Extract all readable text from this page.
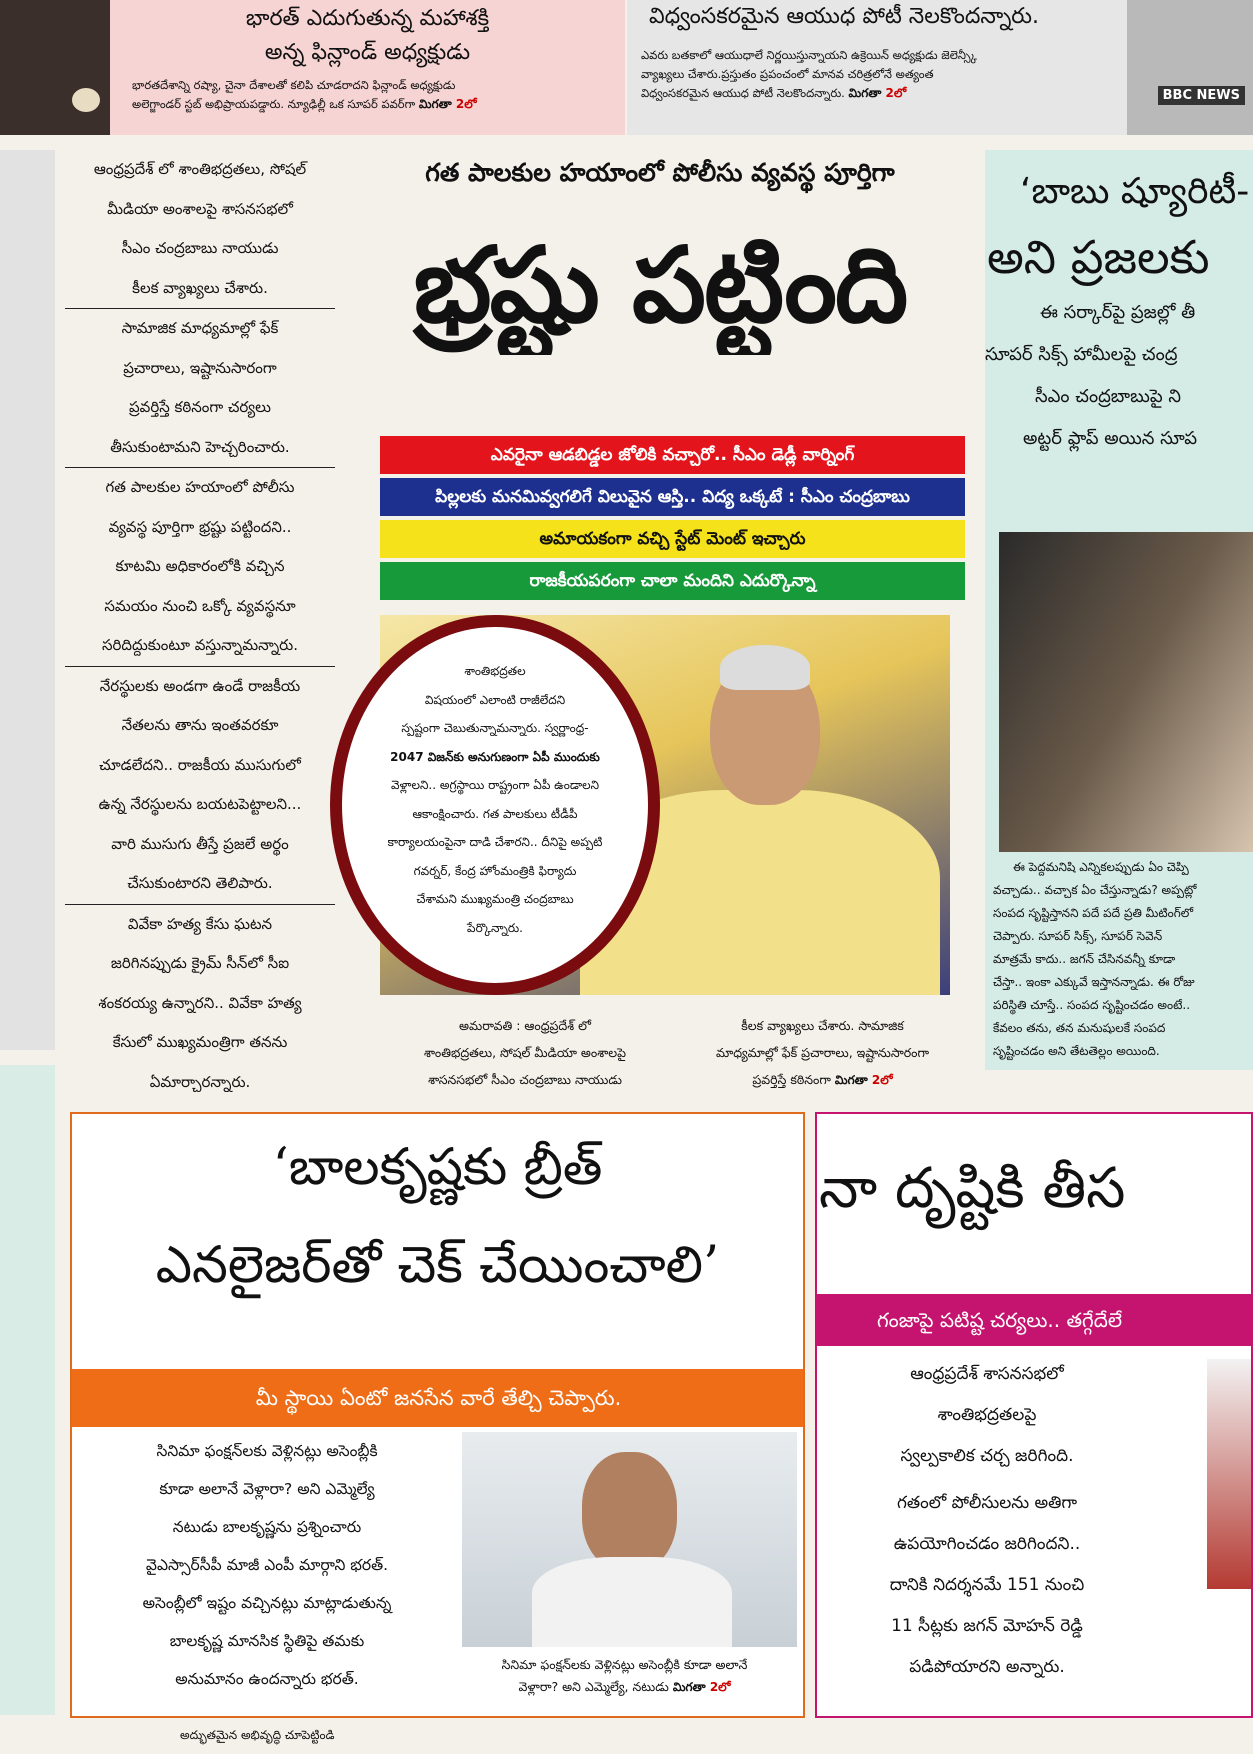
భారత్ ఎదుగుతున్న మహాశక్తి
అన్న ఫిన్లాండ్ అధ్యక్షుడు
భారతదేశాన్ని రష్యా, చైనా దేశాలతో కలిపి చూడరాదని ఫిన్లాండ్ అధ్యక్షుడు
అలెగ్జాండర్ స్టబ్ అభిప్రాయపడ్డారు. న్యూఢిల్లీ ఒక సూపర్ పవర్‌గా మిగతా 2లో
విధ్వంసకరమైన ఆయుధ పోటీ నెలకొందన్నారు.
ఎవరు బతకాలో ఆయుధాలే నిర్ణయిస్తున్నాయని ఉక్రెయిన్ అధ్యక్షుడు జెలెన్స్కీ
వ్యాఖ్యలు చేశారు.ప్రస్తుతం ప్రపంచంలో మానవ చరిత్రలోనే అత్యంత
విధ్వంసకరమైన ఆయుధ పోటీ నెలకొందన్నారు. మిగతా 2లో	BBC NEWS
ఆంధ్రప్రదేశ్ లో శాంతిభద్రతలు, సోషల్
మీడియా అంశాలపై శాసనసభలో
సీఎం చంద్రబాబు నాయుడు
కీలక వ్యాఖ్యలు చేశారు.
సామాజిక మాధ్యమాల్లో ఫేక్
ప్రచారాలు, ఇష్టానుసారంగా
ప్రవర్తిస్తే కఠినంగా చర్యలు
తీసుకుంటామని హెచ్చరించారు.
గత పాలకుల హయాంలో పోలీసు
వ్యవస్థ పూర్తిగా భ్రష్టు పట్టిందని..
కూటమి అధికారంలోకి వచ్చిన
సమయం నుంచి ఒక్కో వ్యవస్థనూ
సరిదిద్దుకుంటూ వస్తున్నామన్నారు.
నేరస్థులకు అండగా ఉండే రాజకీయ
నేతలను తాను ఇంతవరకూ
చూడలేదని.. రాజకీయ ముసుగులో
ఉన్న నేరస్థులను బయటపెట్టాలని...
వారి ముసుగు తీస్తే ప్రజలే అర్థం
చేసుకుంటారని తెలిపారు.
వివేకా హత్య కేసు ఘటన
జరిగినప్పుడు క్రైమ్ సీన్‌లో సీఐ
శంకరయ్య ఉన్నారని.. వివేకా హత్య
కేసులో ముఖ్యమంత్రిగా తనను
ఏమార్చారన్నారు.
గత పాలకుల హయాంలో పోలీసు వ్యవస్థ పూర్తిగా
భ్రష్టు పట్టింది
ఎవరైనా ఆడబిడ్డల జోలికి వచ్చారో.. సీఎం డెడ్లీ వార్నింగ్
పిల్లలకు మనమివ్వగలిగే విలువైన ఆస్తి.. విద్య ఒక్కటే : సీఎం చంద్రబాబు
అమాయకంగా వచ్చి స్టేట్ మెంట్ ఇచ్చారు
రాజకీయపరంగా చాలా మందిని ఎదుర్కొన్నా
శాంతిభద్రతల
విషయంలో ఎలాంటి రాజీలేదని
స్పష్టంగా చెబుతున్నామన్నారు. స్వర్ణాంధ్ర-
2047 విజన్‌కు అనుగుణంగా ఏపీ ముందుకు
వెళ్లాలని.. అగ్రస్థాయి రాష్ట్రంగా ఏపీ ఉండాలని
ఆకాంక్షించారు. గత పాలకులు టీడీపీ
కార్యాలయంపైనా దాడి చేశారని.. దీనిపై అప్పటి
గవర్నర్, కేంద్ర హోంమంత్రికి ఫిర్యాదు
చేశామని ముఖ్యమంత్రి చంద్రబాబు
పేర్కొన్నారు.
అమరావతి : ఆంధ్రప్రదేశ్ లో
శాంతిభద్రతలు, సోషల్ మీడియా అంశాలపై
శాసనసభలో సీఎం చంద్రబాబు నాయుడు
కీలక వ్యాఖ్యలు చేశారు. సామాజిక
మాధ్యమాల్లో ఫేక్ ప్రచారాలు, ఇష్టానుసారంగా
ప్రవర్తిస్తే కఠినంగా మిగతా 2లో
‘బాబు ష్యూరిటీ-
అని ప్రజలకు
ఈ సర్కార్‌పై ప్రజల్లో తీ
సూపర్ సిక్స్ హామీలపై చంద్ర
సీఎం చంద్రబాబుపై ని
అట్టర్ ఫ్లాప్ అయిన సూప
ఈ పెద్దమనిషి ఎన్నికలప్పుడు ఏం చెప్పి
వచ్చాడు.. వచ్చాక ఏం చేస్తున్నాడు? అప్పట్లో
సంపద సృష్టిస్తానని పదే పదే ప్రతి మీటింగ్‌లో
చెప్పారు. సూపర్ సిక్స్, సూపర్ సెవెన్
మాత్రమే కాదు.. జగన్ చేసినవన్నీ కూడా
చేస్తా.. ఇంకా ఎక్కువే ఇస్తానన్నాడు. ఈ రోజు
పరిస్థితి చూస్తే.. సంపద సృష్టించడం అంటే..
కేవలం తను, తన మనుషులకే సంపద
సృష్టించడం అని తేటతెల్లం అయింది.
‘బాలకృష్ణకు బ్రీత్
ఎనలైజర్‌తో చెక్ చేయించాలి’
మీ స్థాయి ఏంటో జనసేన వారే తేల్చి చెప్పారు.
సినిమా ఫంక్షన్‌లకు వెళ్లినట్లు అసెంబ్లీకి
కూడా అలానే వెళ్లారా? అని ఎమ్మెల్యే
నటుడు బాలకృష్ణను ప్రశ్నించారు
వైఎస్సార్‌సీపీ మాజీ ఎంపీ మార్గాని భరత్.
అసెంబ్లీలో ఇష్టం వచ్చినట్లు మాట్లాడుతున్న
బాలకృష్ణ మానసిక స్థితిపై తమకు
అనుమానం ఉందన్నారు భరత్.
సినిమా ఫంక్షన్‌లకు వెళ్లినట్లు అసెంబ్లీకి కూడా అలానే
వెళ్లారా? అని ఎమ్మెల్యే, నటుడు మిగతా 2లో
నా దృష్టికి తీస
గంజాపై పటిష్ట చర్యలు.. తగ్గేదేలే
ఆంధ్రప్రదేశ్ శాసనసభలో
శాంతిభద్రతలపై
స్వల్పకాలిక చర్చ జరిగింది.
గతంలో పోలీసులను అతిగా
ఉపయోగించడం జరిగిందని..
దానికి నిదర్శనమే 151 నుంచి
11 సీట్లకు జగన్ మోహన్ రెడ్డి
పడిపోయారని అన్నారు.
అద్భుతమైన అభివృద్ధి చూపెట్టిండి
